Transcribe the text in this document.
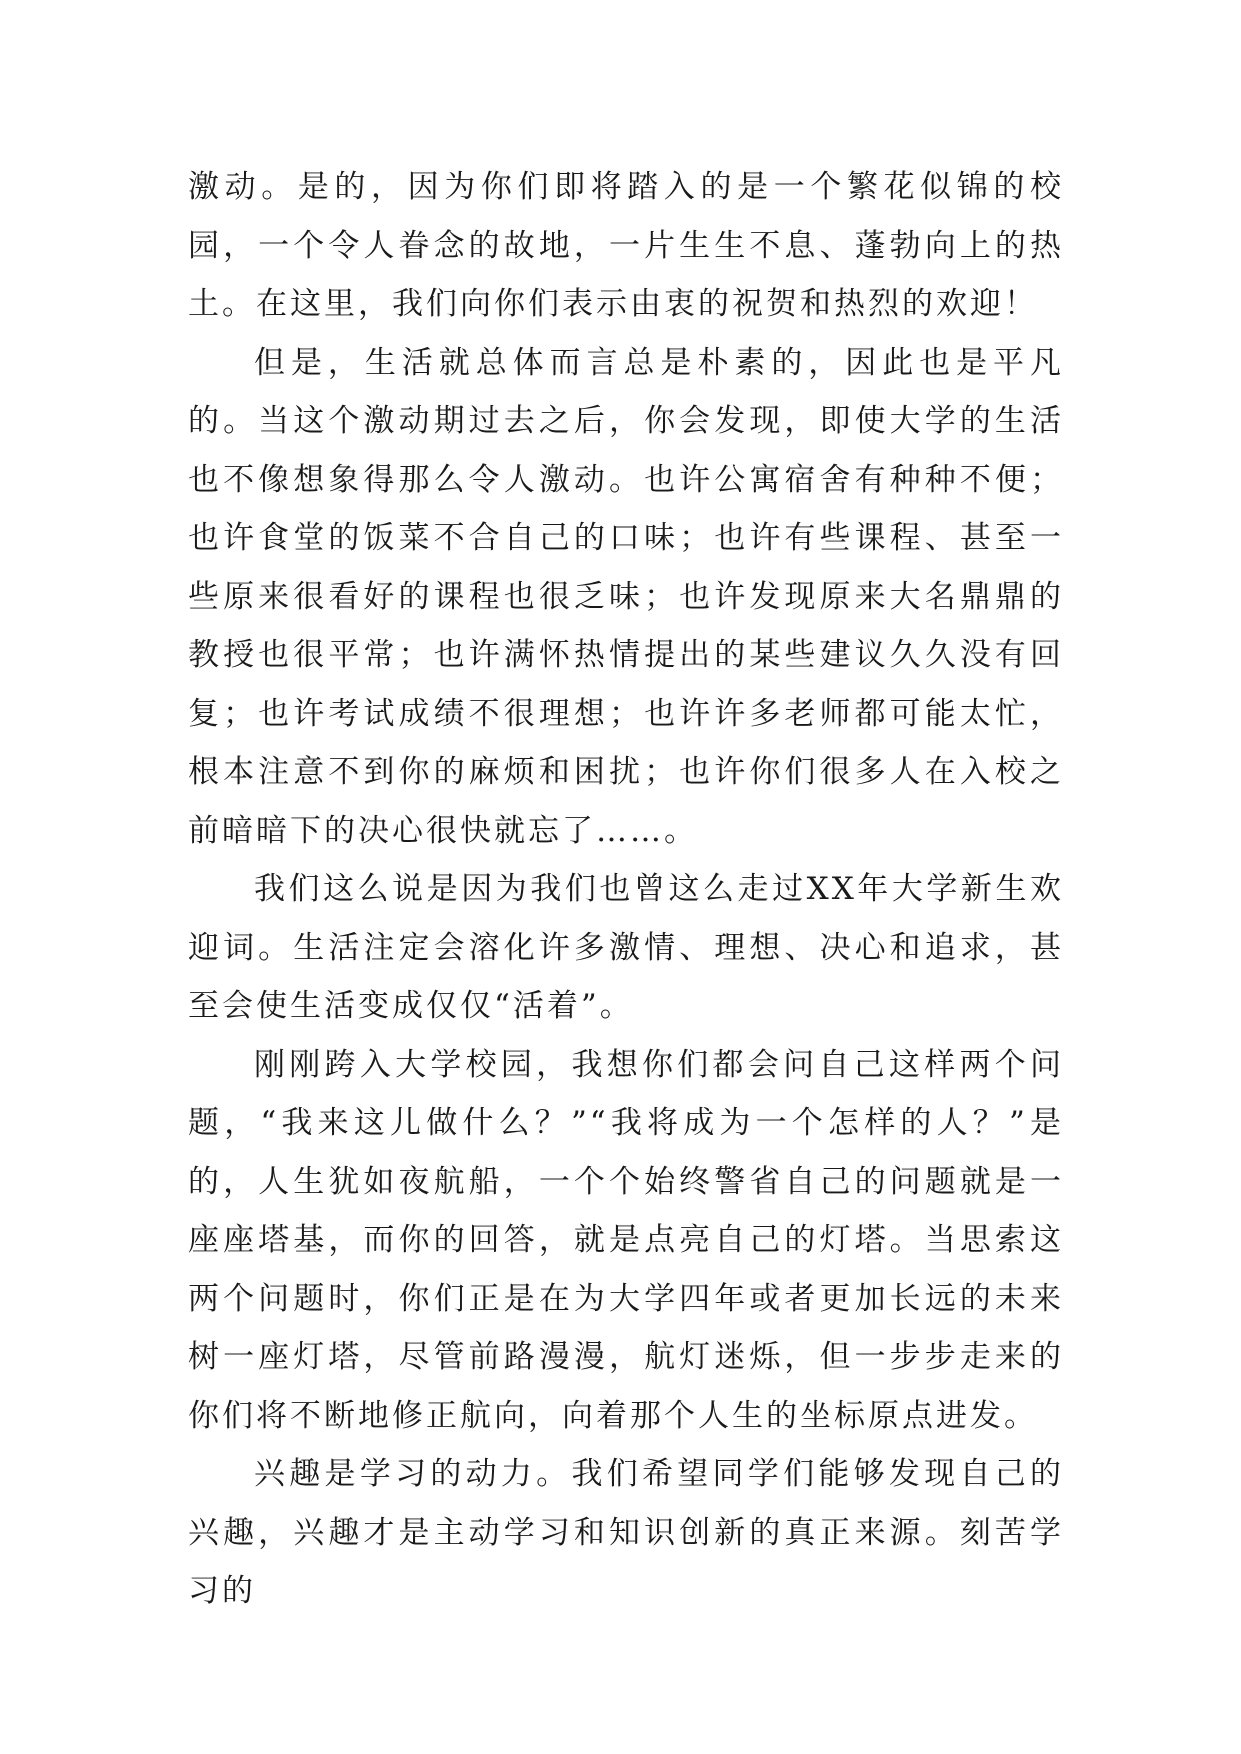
激动。是的，因为你们即将踏入的是一个繁花似锦的校园，一个令人眷念的故地，一片生生不息、蓬勃向上的热土。在这里，我们向你们表示由衷的祝贺和热烈的欢迎！

但是，生活就总体而言总是朴素的，因此也是平凡的。当这个激动期过去之后，你会发现，即使大学的生活也不像想象得那么令人激动。也许公寓宿舍有种种不便；也许食堂的饭菜不合自己的口味；也许有些课程、甚至一些原来很看好的课程也很乏味；也许发现原来大名鼎鼎的教授也很平常；也许满怀热情提出的某些建议久久没有回复；也许考试成绩不很理想；也许许多老师都可能太忙，根本注意不到你的麻烦和困扰；也许你们很多人在入校之前暗暗下的决心很快就忘了……。

我们这么说是因为我们也曾这么走过XX年大学新生欢迎词。生活注定会溶化许多激情、理想、决心和追求，甚至会使生活变成仅仅“活着”。

刚刚跨入大学校园，我想你们都会问自己这样两个问题，“我来这儿做什么？”“我将成为一个怎样的人？”是的，人生犹如夜航船，一个个始终警省自己的问题就是一座座塔基，而你的回答，就是点亮自己的灯塔。当思索这两个问题时，你们正是在为大学四年或者更加长远的未来树一座灯塔，尽管前路漫漫，航灯迷烁，但一步步走来的你们将不断地修正航向，向着那个人生的坐标原点进发。

兴趣是学习的动力。我们希望同学们能够发现自己的兴趣，兴趣才是主动学习和知识创新的真正来源。刻苦学习的
